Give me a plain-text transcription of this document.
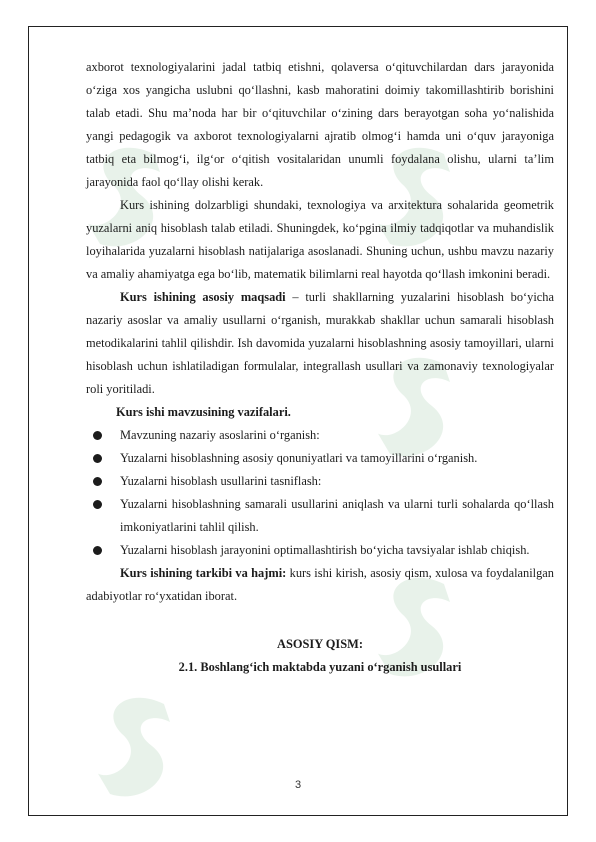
axborot texnologiyalarini jadal tatbiq etishni, qolaversa o‘qituvchilardan dars jarayonida o‘ziga xos yangicha uslubni qo‘llashni, kasb mahoratini doimiy takomillashtirib borishini talab etadi. Shu ma’noda har bir o‘qituvchilar o‘zining dars berayotgan soha yo‘nalishida yangi pedagogik va axborot texnologiyalarni ajratib olmog‘i hamda uni o‘quv jarayoniga tatbiq eta bilmog‘i, ilg‘or o‘qitish vositalaridan unumli foydalana olishu, ularni ta’lim jarayonida faol qo‘llay olishi kerak.

Kurs ishining dolzarbligi shundaki, texnologiya va arxitektura sohalarida geometrik yuzalarni aniq hisoblash talab etiladi. Shuningdek, ko‘pgina ilmiy tadqiqotlar va muhandislik loyihalarida yuzalarni hisoblash natijalariga asoslanadi. Shuning uchun, ushbu mavzu nazariy va amaliy ahamiyatga ega bo‘lib, matematik bilimlarni real hayotda qo‘llash imkonini beradi.

Kurs ishining asosiy maqsadi – turli shakllarning yuzalarini hisoblash bo‘yicha nazariy asoslar va amaliy usullarni o‘rganish, murakkab shakllar uchun samarali hisoblash metodikalarini tahlil qilishdir. Ish davomida yuzalarni hisoblashning asosiy tamoyillari, ularni hisoblash uchun ishlatiladigan formulalar, integrallash usullari va zamonaviy texnologiyalar roli yoritiladi.

Kurs ishi mavzusining vazifalari.
Mavzuning nazariy asoslarini o‘rganish:
Yuzalarni hisoblashning asosiy qonuniyatlari va tamoyillarini o‘rganish.
Yuzalarni hisoblash usullarini tasniflash:
Yuzalarni hisoblashning samarali usullarini aniqlash va ularni turli sohalarda qo‘llash imkoniyatlarini tahlil qilish.
Yuzalarni hisoblash jarayonini optimallashtirish bo‘yicha tavsiyalar ishlab chiqish.

Kurs ishining tarkibi va hajmi: kurs ishi kirish, asosiy qism, xulosa va foydalanilgan adabiyotlar ro‘yxatidan iborat.

ASOSIY QISM:
2.1. Boshlang‘ich maktabda yuzani o‘rganish usullari
3
